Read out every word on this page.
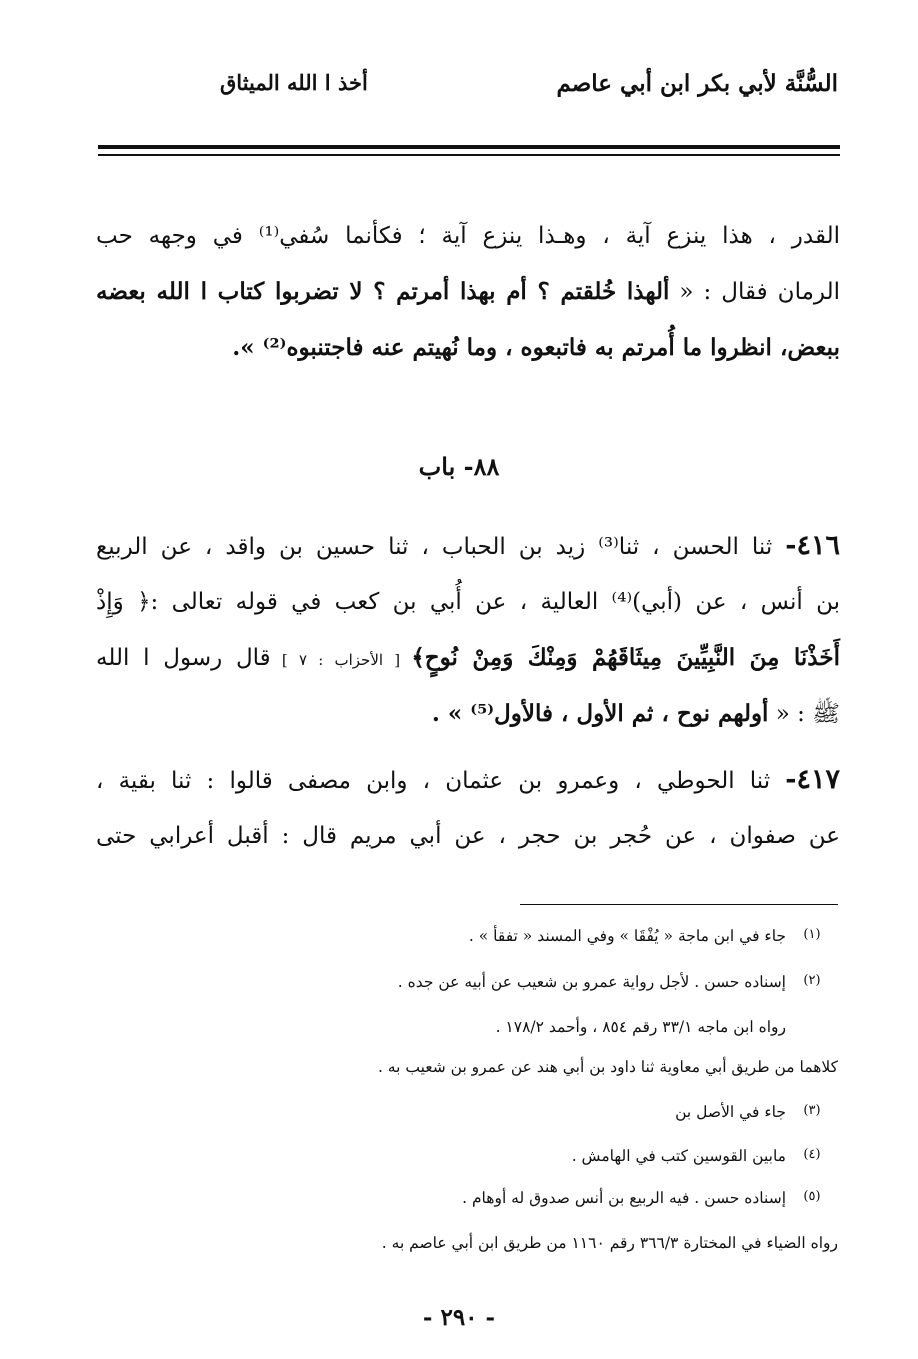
السُّنَّة لأبي بكر ابن أبي عاصم
أخذ ا الله الميثاق
القدر ، هذا ينزع آية ، وهـذا ينزع آية ؛ فكأنما سُفي⁽¹⁾ في وجهه حب
الرمان فقال : « ألهذا خُلقتم ؟ أم بهذا أمرتم ؟ لا تضربوا كتاب ا الله بعضه
ببعض، انظروا ما أُمرتم به فاتبعوه ، وما نُهيتم عنه فاجتنبوه⁽²⁾ ».
٨٨- باب
٤١٦- ثنا الحسن ، ثنا⁽³⁾ زيد بن الحباب ، ثنا حسين بن واقد ، عن الربيع
بن أنس ، عن (أبي)⁽⁴⁾ العالية ، عن أُبي بن كعب في قوله تعالى :﴿ وَإِذْ
أَخَذْنَا مِنَ النَّبِيِّينَ مِيثَاقَهُمْ وَمِنْكَ وَمِنْ نُوحٍ﴾ [ الأحزاب : ٧ ] قال رسول ا الله
ﷺ : « أولهم نوح ، ثم الأول ، فالأول⁽⁵⁾ » .
٤١٧- ثنا الحوطي ، وعمرو بن عثمان ، وابن مصفى قالوا : ثنا بقية ،
عن صفوان ، عن حُجر بن حجر ، عن أبي مريم قال : أقبل أعرابي حتى
(١)جاء في ابن ماجة « يُفْقَا » وفي المسند « تفقأ » .
(٢)إسناده حسن . لأجل رواية عمرو بن شعيب عن أبيه عن جده .
رواه ابن ماجه ٣٣/١ رقم ٨٥٤ ، وأحمد ١٧٨/٢ .
كلاهما من طريق أبي معاوية ثنا داود بن أبي هند عن عمرو بن شعيب به .
(٣)جاء في الأصل بن
(٤)مابين القوسين كتب في الهامش .
(٥)إسناده حسن . فيه الربيع بن أنس صدوق له أوهام .
رواه الضياء في المختارة ٣٦٦/٣ رقم ١١٦٠ من طريق ابن أبي عاصم به .
- ٢٩٠ -
